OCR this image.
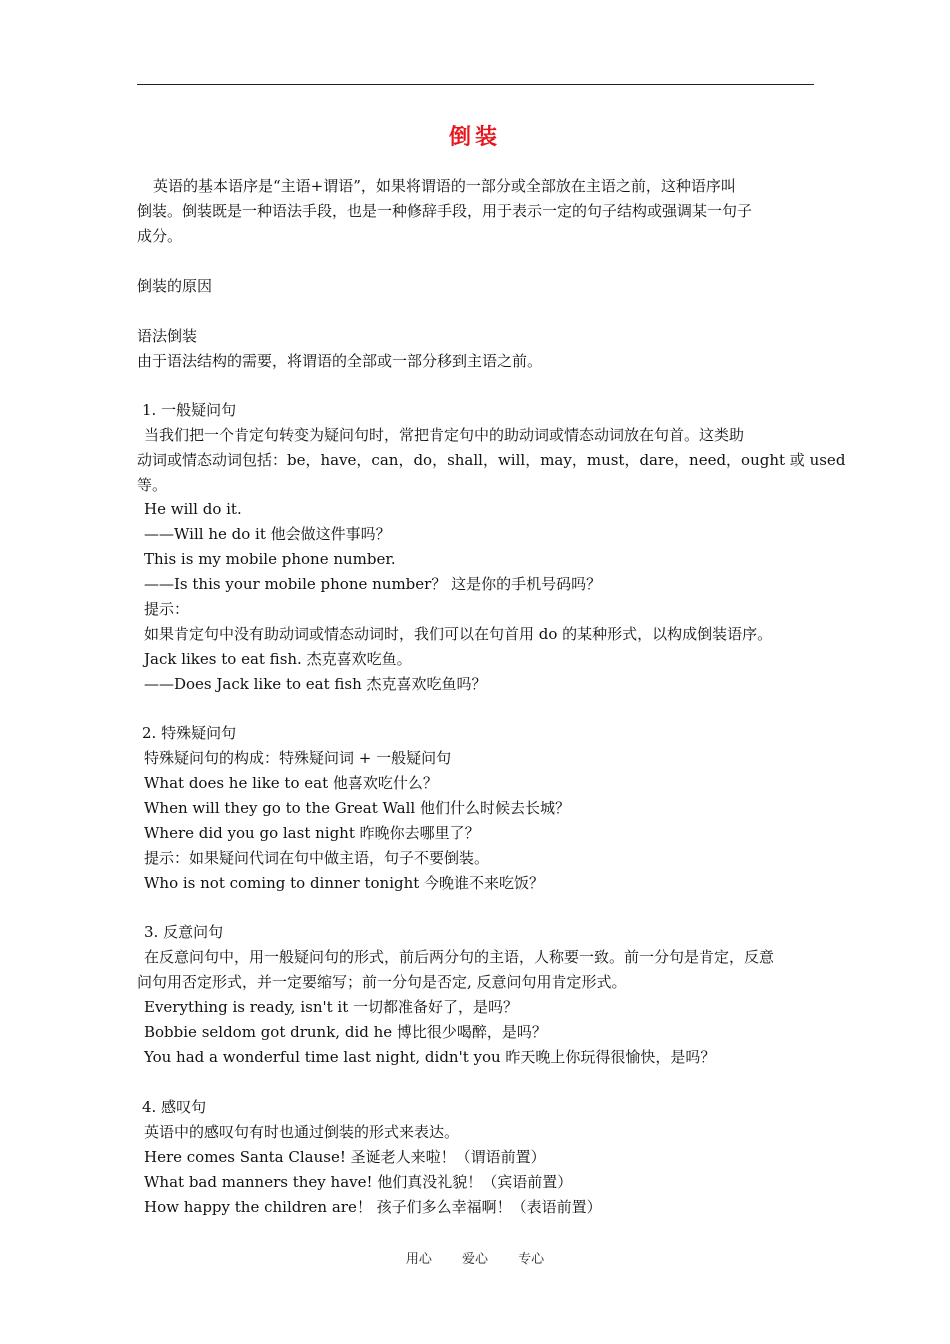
倒装
英语的基本语序是“主语+谓语”，如果将谓语的一部分或全部放在主语之前，这种语序叫
倒装。倒装既是一种语法手段，也是一种修辞手段，用于表示一定的句子结构或强调某一句子
成分。
倒装的原因
语法倒装
由于语法结构的需要，将谓语的全部或一部分移到主语之前。
1. 一般疑问句
当我们把一个肯定句转变为疑问句时，常把肯定句中的助动词或情态动词放在句首。这类助
动词或情态动词包括：be，have，can，do，shall，will，may，must，dare，need，ought 或 used
等。
He will do it.
——Will he do it 他会做这件事吗？
This is my mobile phone number.
——Is this your mobile phone number？ 这是你的手机号码吗？
提示：
如果肯定句中没有助动词或情态动词时，我们可以在句首用 do 的某种形式，以构成倒装语序。
Jack likes to eat fish. 杰克喜欢吃鱼。
——Does Jack like to eat fish 杰克喜欢吃鱼吗？
2. 特殊疑问句
特殊疑问句的构成：特殊疑问词 + 一般疑问句
What does he like to eat 他喜欢吃什么？
When will they go to the Great Wall 他们什么时候去长城？
Where did you go last night 昨晚你去哪里了？
提示：如果疑问代词在句中做主语，句子不要倒装。
Who is not coming to dinner tonight 今晚谁不来吃饭？
3. 反意问句
在反意问句中，用一般疑问句的形式，前后两分句的主语，人称要一致。前一分句是肯定，反意
问句用否定形式，并一定要缩写；前一分句是否定, 反意问句用肯定形式。
Everything is ready, isn't it 一切都准备好了，是吗？
Bobbie seldom got drunk, did he 博比很少喝醉，是吗？
You had a wonderful time last night, didn't you 昨天晚上你玩得很愉快，是吗？
4. 感叹句
英语中的感叹句有时也通过倒装的形式来表达。
Here comes Santa Clause! 圣诞老人来啦！（谓语前置）
What bad manners they have! 他们真没礼貌！（宾语前置）
How happy the children are！ 孩子们多么幸福啊！（表语前置）
用心 爱心 专心
